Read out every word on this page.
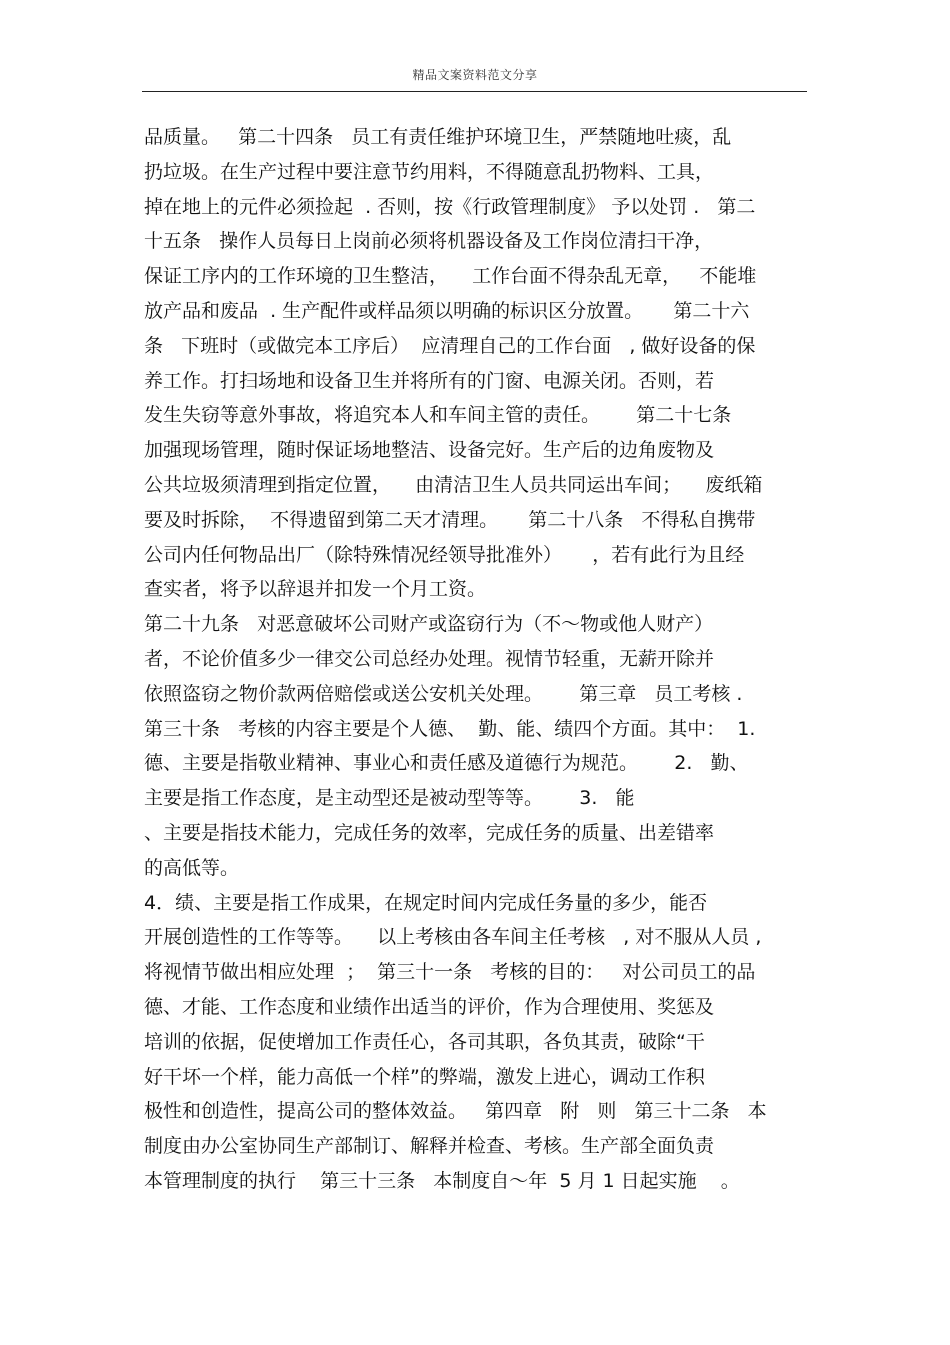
精品文案资料范文分享
品质量。   第二十四条   员工有责任维护环境卫生，严禁随地吐痰，乱
扔垃圾。在生产过程中要注意节约用料，不得随意乱扔物料、工具，
掉在地上的元件必须捡起  . 否则，按《行政管理制度》 予以处罚 .   第二
十五条   操作人员每日上岗前必须将机器设备及工作岗位清扫干净，
保证工序内的工作环境的卫生整洁，    工作台面不得杂乱无章，   不能堆
放产品和废品  . 生产配件或样品须以明确的标识区分放置。     第二十六
条   下班时（或做完本工序后）  应清理自己的工作台面   , 做好设备的保
养工作。打扫场地和设备卫生并将所有的门窗、电源关闭。否则，若
发生失窃等意外事故，将追究本人和车间主管的责任。      第二十七条
加强现场管理，随时保证场地整洁、设备完好。生产后的边角废物及
公共垃圾须清理到指定位置，    由清洁卫生人员共同运出车间；    废纸箱
要及时拆除，  不得遗留到第二天才清理。     第二十八条   不得私自携带
公司内任何物品出厂（除特殊情况经领导批准外）     ，若有此行为且经
查实者，将予以辞退并扣发一个月工资。
第二十九条   对恶意破坏公司财产或盗窃行为（不～物或他人财产）
者，不论价值多少一律交公司总经办处理。视情节轻重，无薪开除并
依照盗窃之物价款两倍赔偿或送公安机关处理。      第三章   员工考核 .
第三十条   考核的内容主要是个人德、  勤、能、绩四个方面。其中：  1.
德、主要是指敬业精神、事业心和责任感及道德行为规范。      2.   勤、
主要是指工作态度，是主动型还是被动型等等。      3.   能
、主要是指技术能力，完成任务的效率，完成任务的质量、出差错率
的高低等。
4．绩、主要是指工作成果，在规定时间内完成任务量的多少，能否
开展创造性的工作等等。    以上考核由各车间主任考核   , 对不服从人员 ,
将视情节做出相应处理  ；  第三十一条   考核的目的：   对公司员工的品
德、才能、工作态度和业绩作出适当的评价，作为合理使用、奖惩及
培训的依据，促使增加工作责任心，各司其职，各负其责，破除“干
好干坏一个样，能力高低一个样”的弊端，激发上进心，调动工作积
极性和创造性，提高公司的整体效益。   第四章   附   则   第三十二条   本
制度由办公室协同生产部制订、解释并检查、考核。生产部全面负责
本管理制度的执行    第三十三条   本制度自～年  5 月 1 日起实施    。
